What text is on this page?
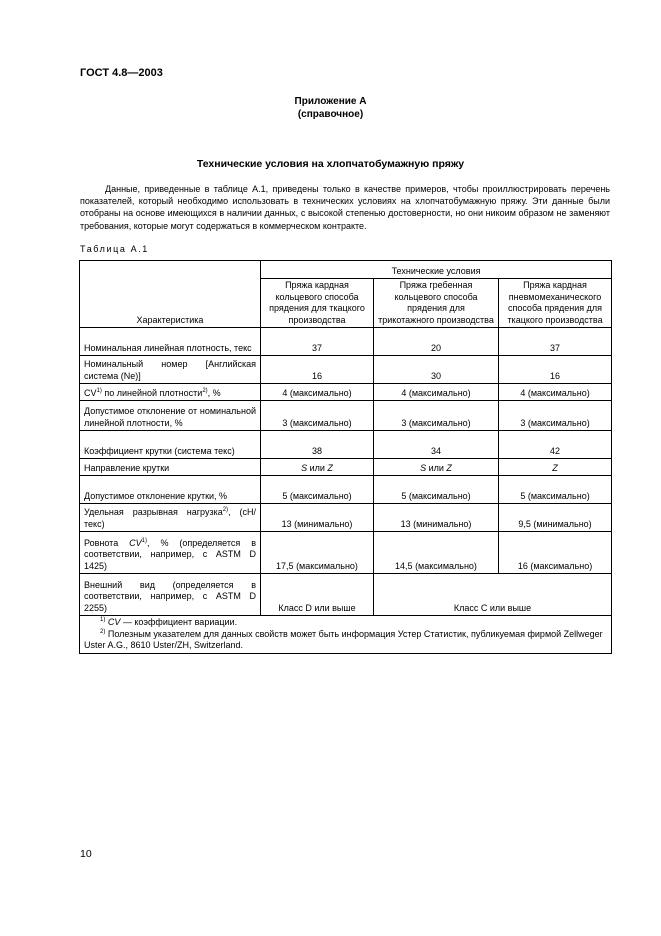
ГОСТ 4.8—2003
Приложение А
(справочное)
Технические условия на хлопчатобумажную пряжу
Данные, приведенные в таблице А.1, приведены только в качестве примеров, чтобы проиллюстрировать перечень показателей, который необходимо использовать в технических условиях на хлопчатобумажную пряжу. Эти данные были отобраны на основе имеющихся в наличии данных, с высокой степенью достоверности, но они никоим образом не заменяют требования, которые могут содержаться в коммерческом контракте.
Таблица А.1
Характеристика	Технические условия		
	Пряжа кардная кольцевого способа прядения для ткацкого производства	Пряжа гребенная кольцевого способа прядения для трикотажного производства	Пряжа кардная пневмомеханического способа прядения для ткацкого производства
Номинальная линейная плотность, текс	37	20	37
Номинальный номер [Английская система (Ne)]	16	30	16
CV$^{1)}$ по линейной плотности$^{2)}$, %	4 (максимально)	4 (максимально)	4 (максимально)
Допустимое отклонение от номинальной линейной плотности, %	3 (максимально)	3 (максимально)	3 (максимально)
Коэффициент крутки (система текс)	38	34	42
Направление крутки	S или Z	S или Z	Z
Допустимое отклонение крутки, %	5 (максимально)	5 (максимально)	5 (максимально)
Удельная разрывная нагрузка$^{2)}$, (сН/текс)	13 (минимально)	13 (минимально)	9,5 (минимально)
Ровнота CV$^{1)}$, % (определяется в соответствии, например, с ASTM D 1425)	17,5 (максимально)	14,5 (максимально)	16 (максимально)
Внешний вид (определяется в соответствии, например, с ASTM D 2255)	Класс D или выше	Класс С или выше	

$^{1)}$ CV — коэффициент вариации.
$^{2)}$ Полезным указателем для данных свойств может быть информация Устер Статистик, публикуемая фирмой Zellweger Uster A.G., 8610 Uster/ZH, Switzerland.			
10
